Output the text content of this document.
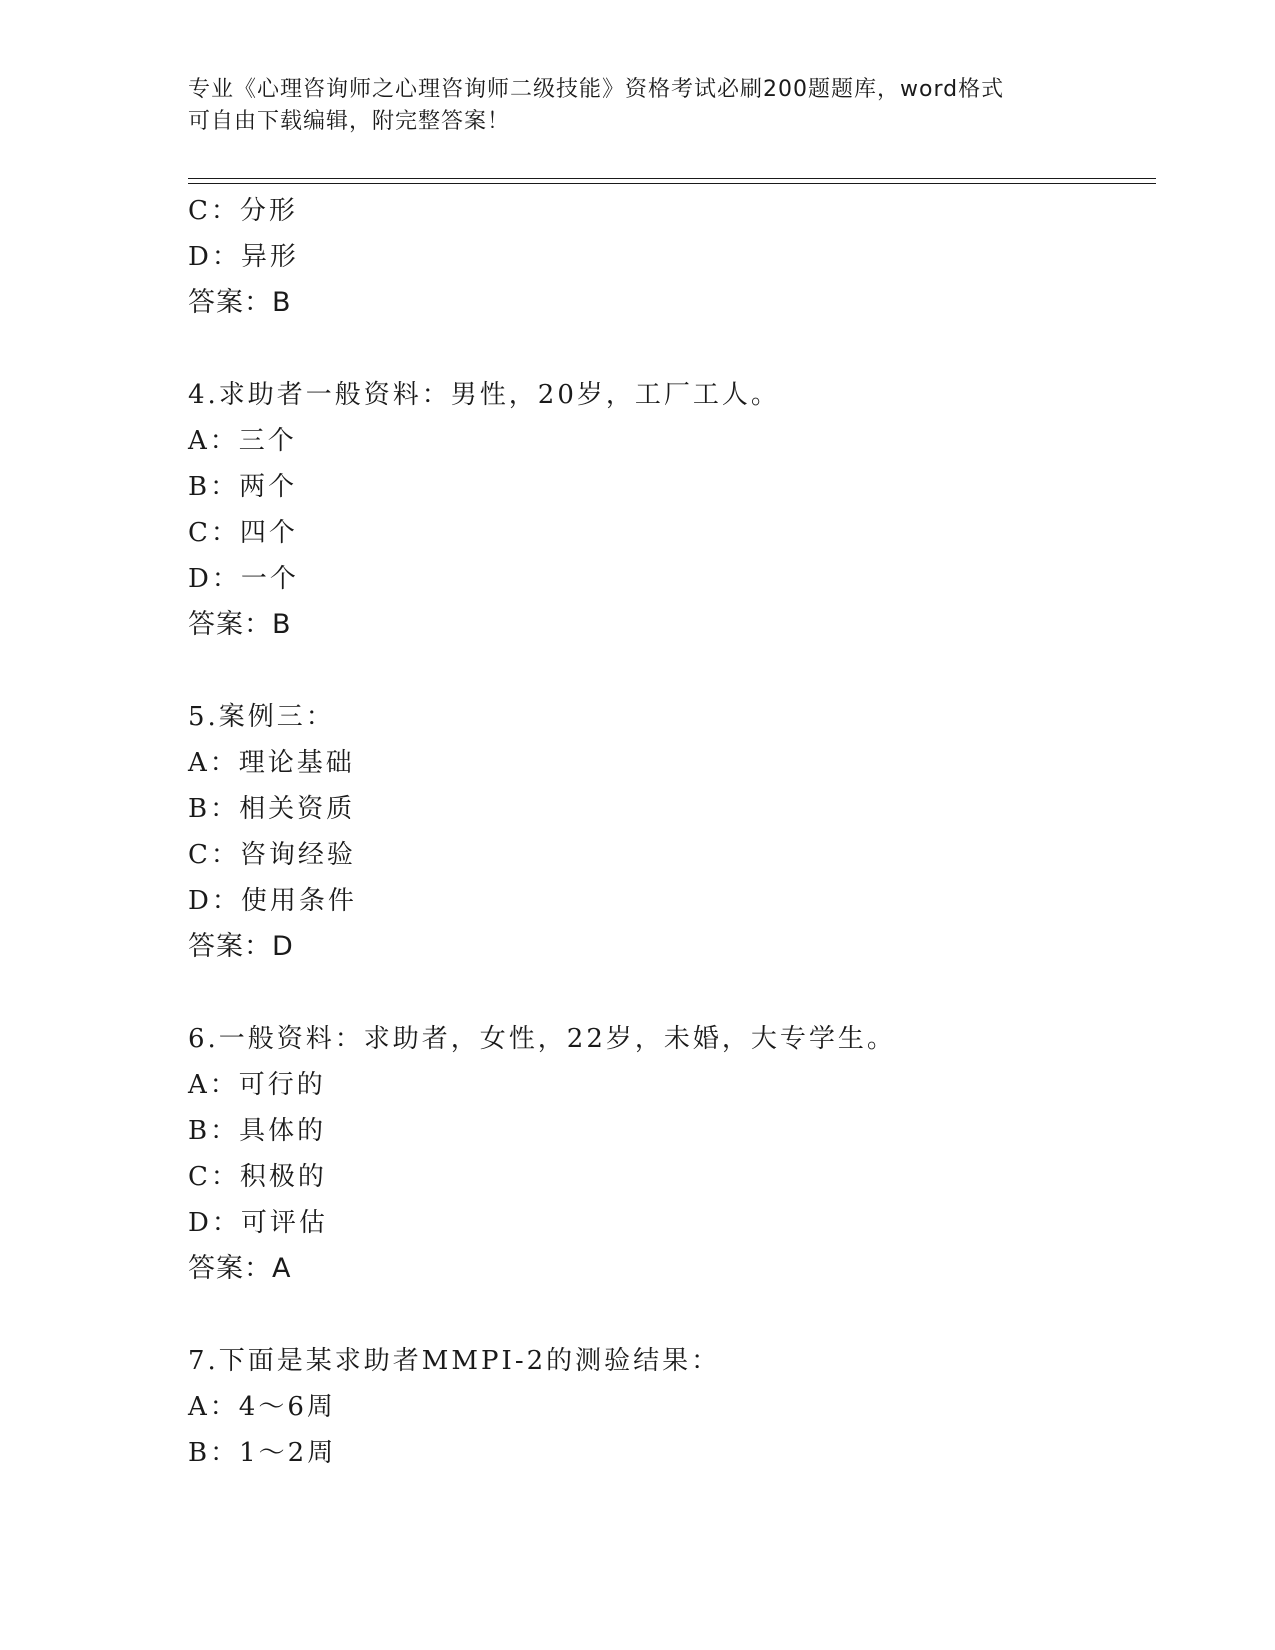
专业《心理咨询师之心理咨询师二级技能》资格考试必刷200题题库，word格式
可自由下载编辑，附完整答案！
C：分形
D：异形
答案：B
4.求助者一般资料：男性，20岁，工厂工人。
A：三个
B：两个
C：四个
D：一个
答案：B
5.案例三：
A：理论基础
B：相关资质
C：咨询经验
D：使用条件
答案：D
6.一般资料：求助者，女性，22岁，未婚，大专学生。
A：可行的
B：具体的
C：积极的
D：可评估
答案：A
7.下面是某求助者MMPI-2的测验结果：
A：4～6周
B：1～2周
